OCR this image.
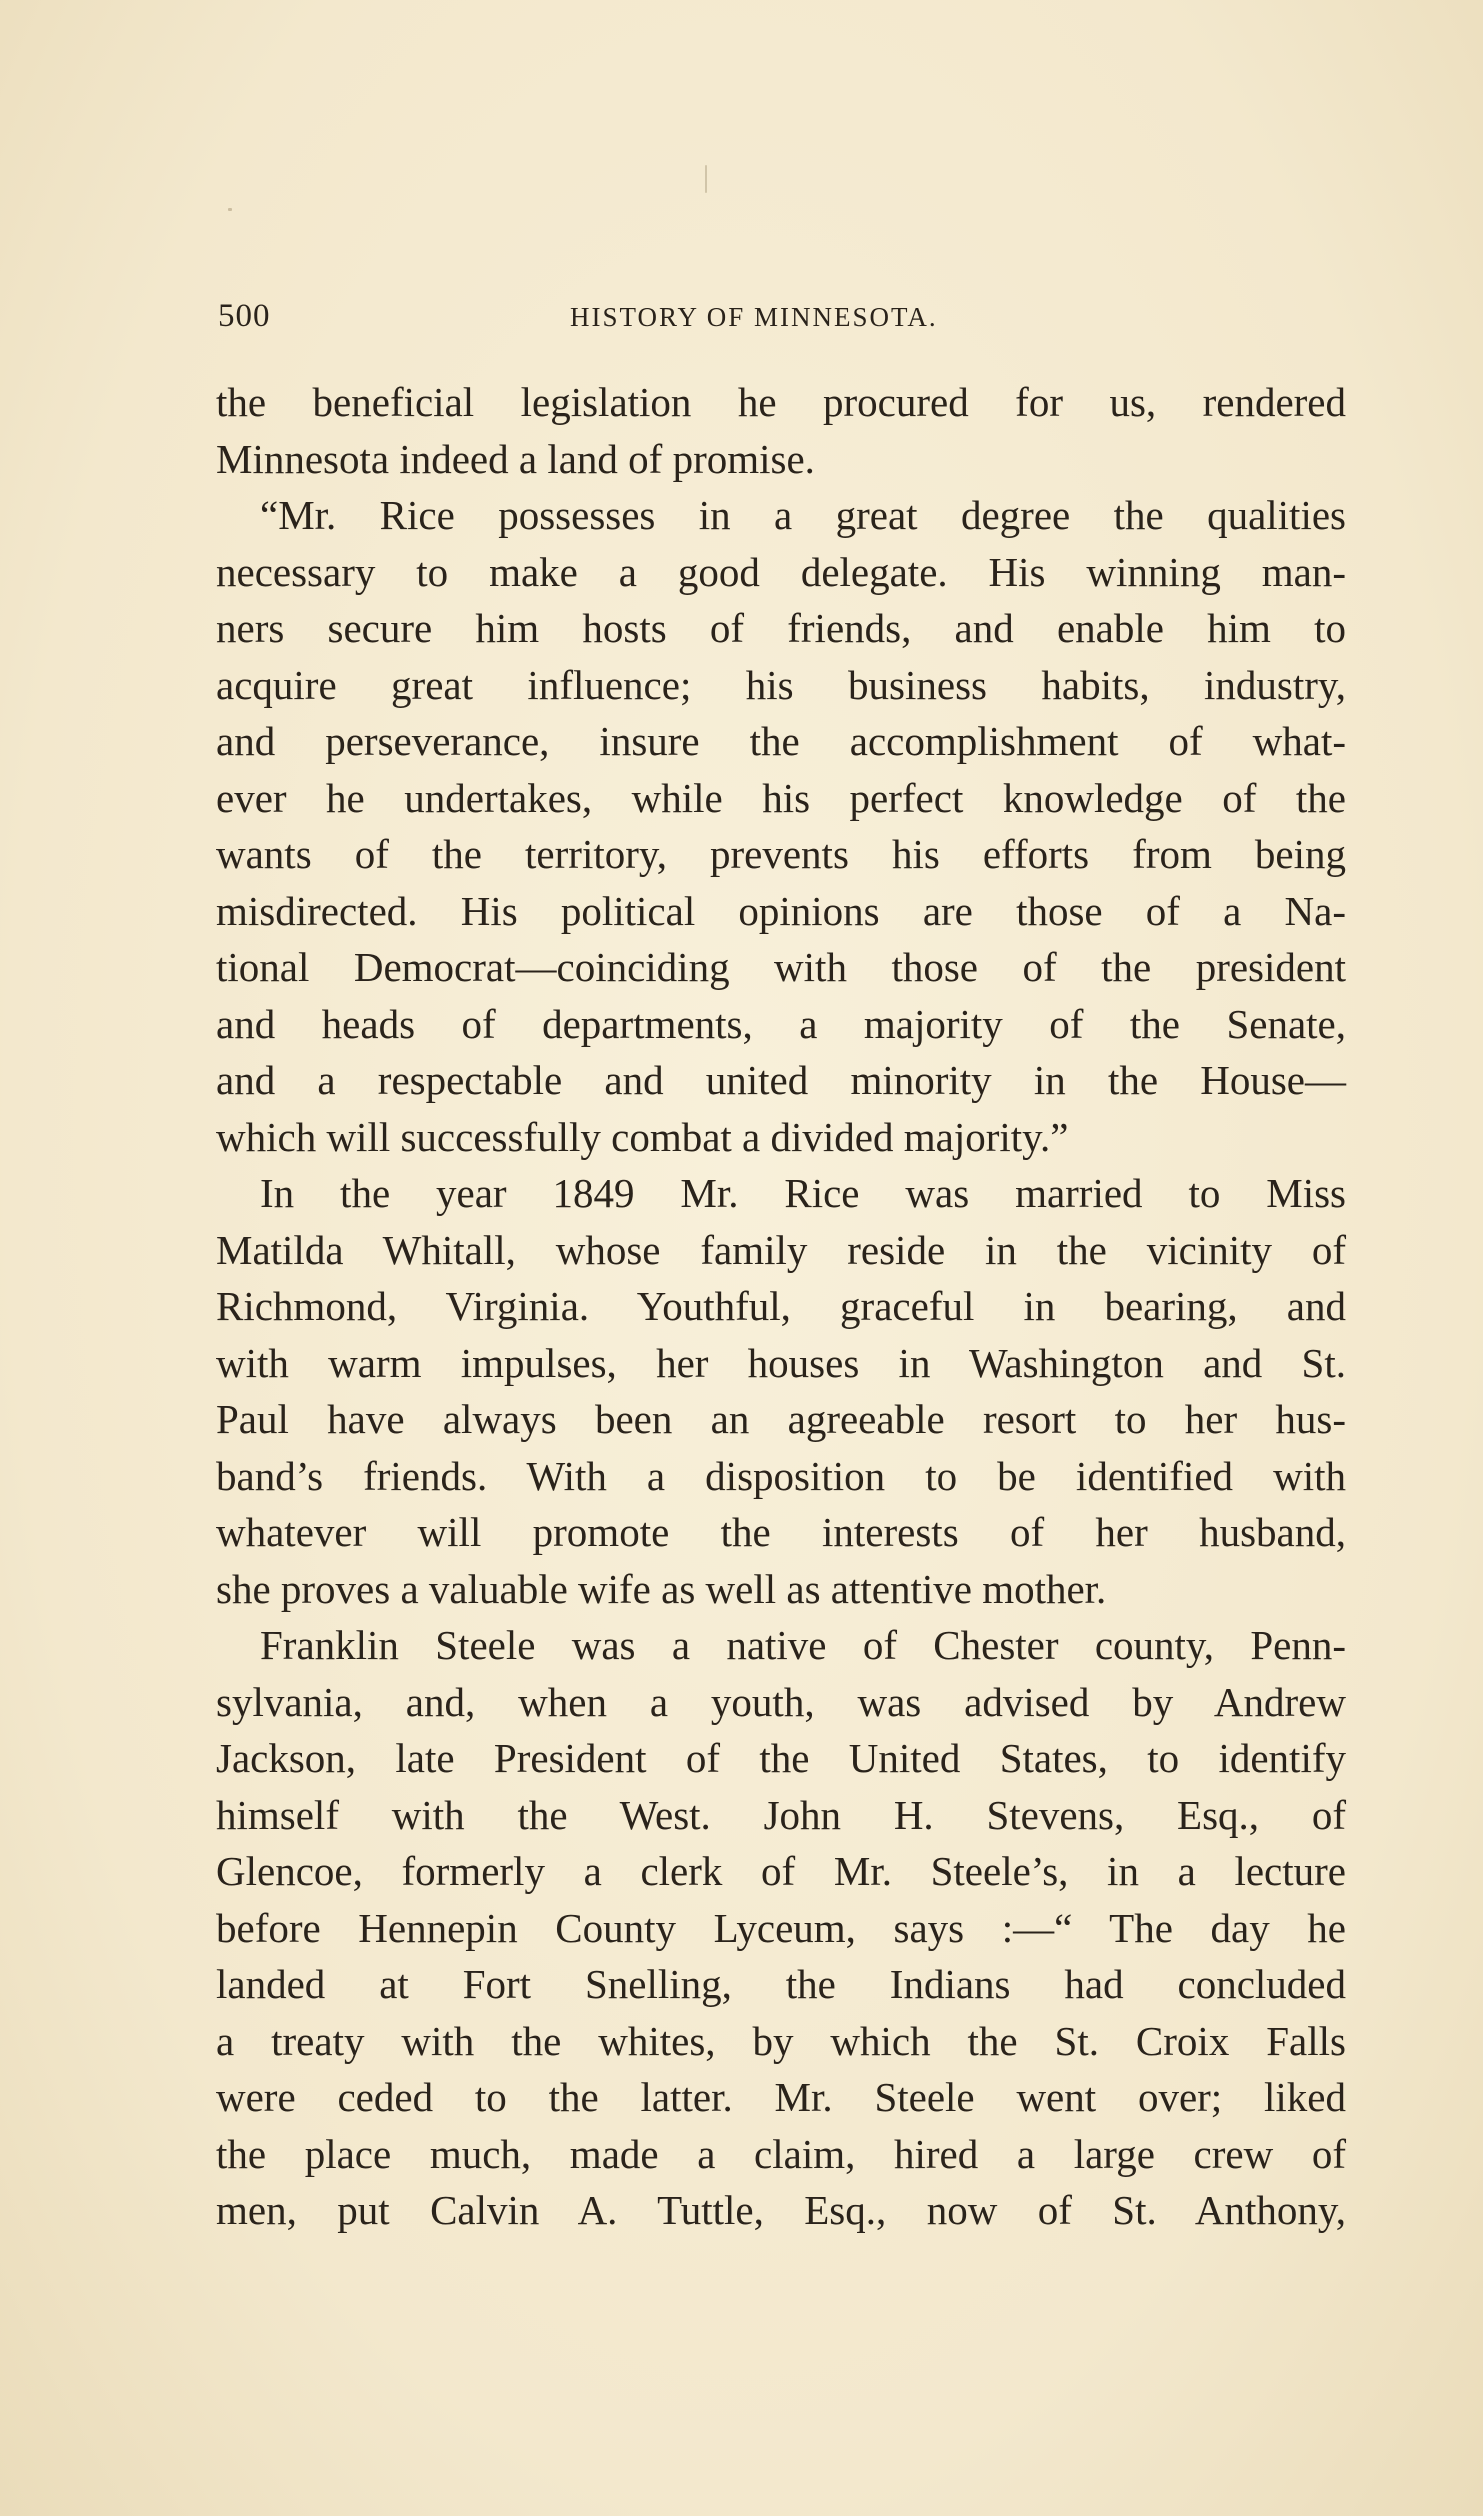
500	HISTORY OF MINNESOTA.
the beneficial legislation he procured for us, rendered
Minnesota indeed a land of promise.
“Mr. Rice possesses in a great degree the qualities
necessary to make a good delegate. His winning man-
ners secure him hosts of friends, and enable him to
acquire great influence; his business habits, industry,
and perseverance, insure the accomplishment of what-
ever he undertakes, while his perfect knowledge of the
wants of the territory, prevents his efforts from being
misdirected. His political opinions are those of a Na-
tional Democrat—coinciding with those of the president
and heads of departments, a majority of the Senate,
and a respectable and united minority in the House—
which will successfully combat a divided majority.”
In the year 1849 Mr. Rice was married to Miss
Matilda Whitall, whose family reside in the vicinity of
Richmond, Virginia. Youthful, graceful in bearing, and
with warm impulses, her houses in Washington and St.
Paul have always been an agreeable resort to her hus-
band’s friends. With a disposition to be identified with
whatever will promote the interests of her husband,
she proves a valuable wife as well as attentive mother.
Franklin Steele was a native of Chester county, Penn-
sylvania, and, when a youth, was advised by Andrew
Jackson, late President of the United States, to identify
himself with the West. John H. Stevens, Esq., of
Glencoe, formerly a clerk of Mr. Steele’s, in a lecture
before Hennepin County Lyceum, says :—“ The day he
landed at Fort Snelling, the Indians had concluded
a treaty with the whites, by which the St. Croix Falls
were ceded to the latter. Mr. Steele went over; liked
the place much, made a claim, hired a large crew of
men, put Calvin A. Tuttle, Esq., now of St. Anthony,
